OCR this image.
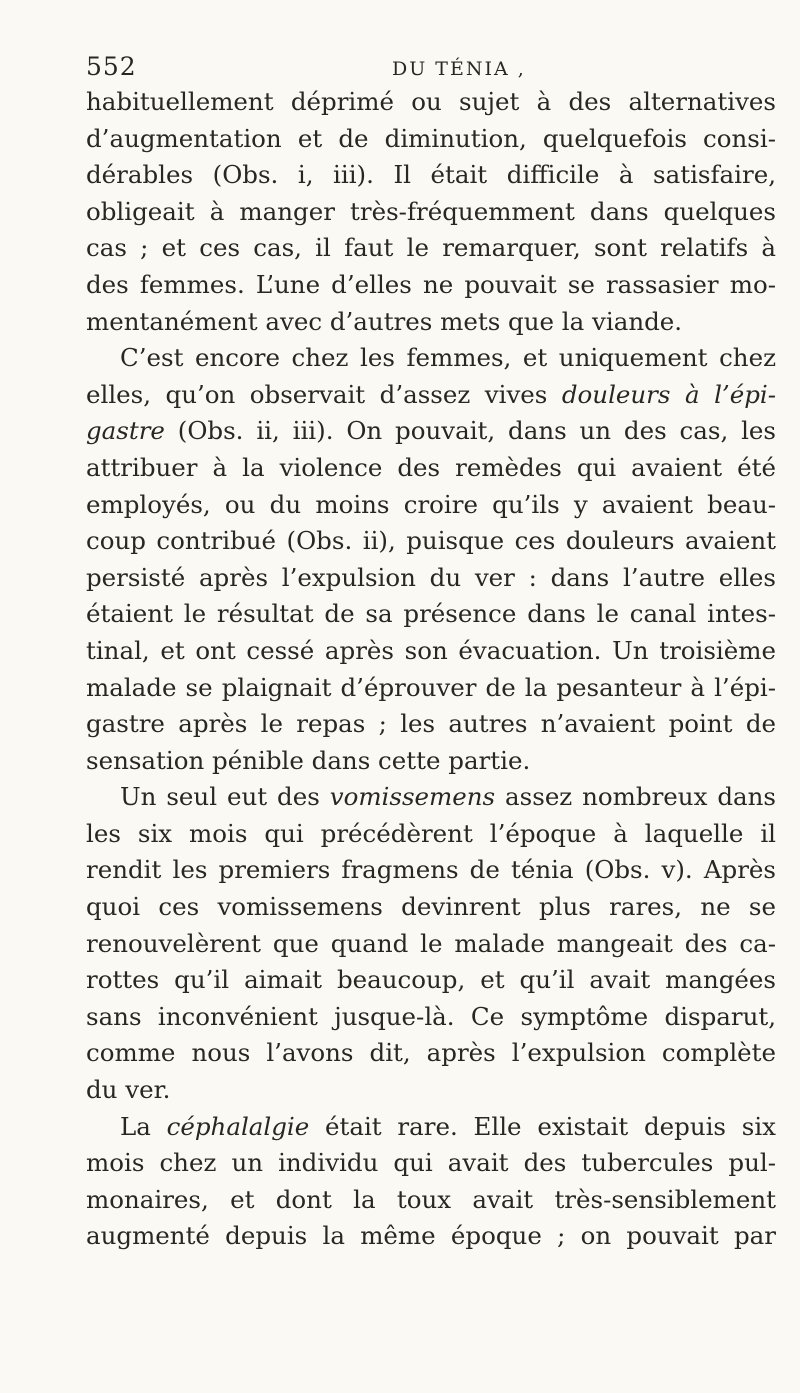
552	DU TÉNIA ,
habituellement déprimé ou sujet à des alternatives
d’augmentation et de diminution, quelquefois consi-
dérables (Obs. i, iii). Il était difficile à satisfaire,
obligeait à manger très-fréquemment dans quelques
cas ; et ces cas, il faut le remarquer, sont relatifs à
des femmes. L’une d’elles ne pouvait se rassasier mo-
mentanément avec d’autres mets que la viande.
C’est encore chez les femmes, et uniquement chez
elles, qu’on observait d’assez vives douleurs à l’épi-
gastre (Obs. ii, iii). On pouvait, dans un des cas, les
attribuer à la violence des remèdes qui avaient été
employés, ou du moins croire qu’ils y avaient beau-
coup contribué (Obs. ii), puisque ces douleurs avaient
persisté après l’expulsion du ver : dans l’autre elles
étaient le résultat de sa présence dans le canal intes-
tinal, et ont cessé après son évacuation. Un troisième
malade se plaignait d’éprouver de la pesanteur à l’épi-
gastre après le repas ; les autres n’avaient point de
sensation pénible dans cette partie.
Un seul eut des vomissemens assez nombreux dans
les six mois qui précédèrent l’époque à laquelle il
rendit les premiers fragmens de ténia (Obs. v). Après
quoi ces vomissemens devinrent plus rares, ne se
renouvelèrent que quand le malade mangeait des ca-
rottes qu’il aimait beaucoup, et qu’il avait mangées
sans inconvénient jusque-là. Ce symptôme disparut,
comme nous l’avons dit, après l’expulsion complète
du ver.
La céphalalgie était rare. Elle existait depuis six
mois chez un individu qui avait des tubercules pul-
monaires, et dont la toux avait très-sensiblement
augmenté depuis la même époque ; on pouvait par
